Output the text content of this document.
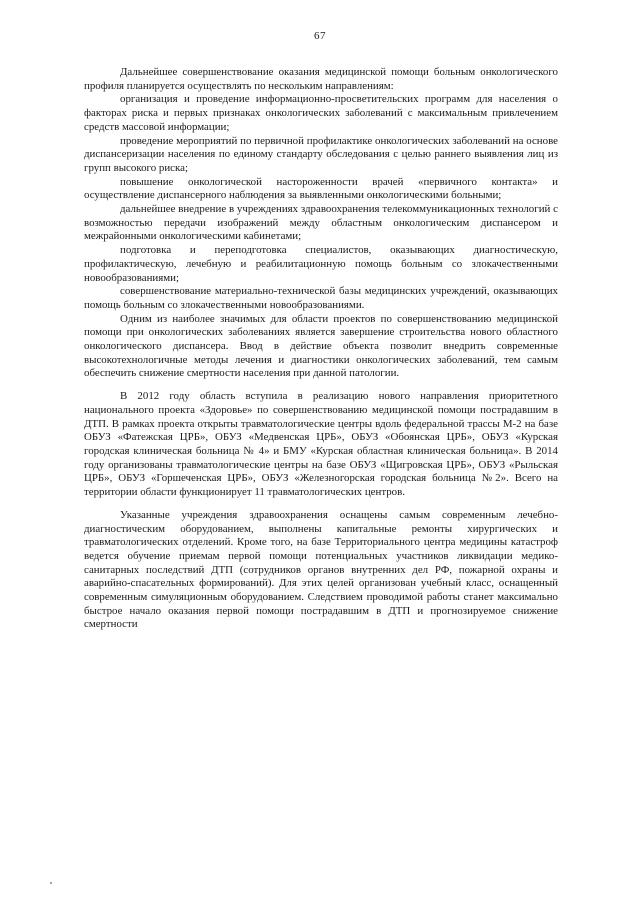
67

Дальнейшее совершенствование оказания медицинской помощи больным онкологического профиля планируется осуществлять по нескольким направлениям:

организация и проведение информационно-просветительских программ для населения о факторах риска и первых признаках онкологических заболеваний с максимальным привлечением средств массовой информации;

проведение мероприятий по первичной профилактике онкологических заболеваний на основе диспансеризации населения по единому стандарту обследования с целью раннего выявления лиц из групп высокого риска;

повышение онкологической настороженности врачей «первичного контакта» и осуществление диспансерного наблюдения за выявленными онкологическими больными;

дальнейшее внедрение в учреждениях здравоохранения телекоммуникационных технологий с возможностью передачи изображений между областным онкологическим диспансером и межрайонными онкологическими кабинетами;

подготовка и переподготовка специалистов, оказывающих диагностическую, профилактическую, лечебную и реабилитационную помощь больным со злокачественными новообразованиями;

совершенствование материально-технической базы медицинских учреждений, оказывающих помощь больным со злокачественными новообразованиями.

Одним из наиболее значимых для области проектов по совершенствованию медицинской помощи при онкологических заболеваниях является завершение строительства нового областного онкологического диспансера. Ввод в действие объекта позволит внедрить современные высокотехнологичные методы лечения и диагностики онкологических заболеваний, тем самым обеспечить снижение смертности населения при данной патологии.

В 2012 году область вступила в реализацию нового направления приоритетного национального проекта «Здоровье» по совершенствованию медицинской помощи пострадавшим в ДТП. В рамках проекта открыты травматологические центры вдоль федеральной трассы М-2 на базе ОБУЗ «Фатежская ЦРБ», ОБУЗ «Медвенская ЦРБ», ОБУЗ «Обоянская ЦРБ», ОБУЗ «Курская городская клиническая больница № 4» и БМУ «Курская областная клиническая больница». В 2014 году организованы травматологические центры на базе ОБУЗ «Щигровская ЦРБ», ОБУЗ «Рыльская ЦРБ», ОБУЗ «Горшеченская ЦРБ», ОБУЗ «Железногорская городская больница №2». Всего на территории области функционирует 11 травматологических центров.

Указанные учреждения здравоохранения оснащены самым современным лечебно-диагностическим оборудованием, выполнены капитальные ремонты хирургических и травматологических отделений. Кроме того, на базе Территориального центра медицины катастроф ведется обучение приемам первой помощи потенциальных участников ликвидации медико-санитарных последствий ДТП (сотрудников органов внутренних дел РФ, пожарной охраны и аварийно-спасательных формирований). Для этих целей организован учебный класс, оснащенный современным симуляционным оборудованием. Следствием проводимой работы станет максимально быстрое начало оказания первой помощи пострадавшим в ДТП и прогнозируемое снижение смертности
